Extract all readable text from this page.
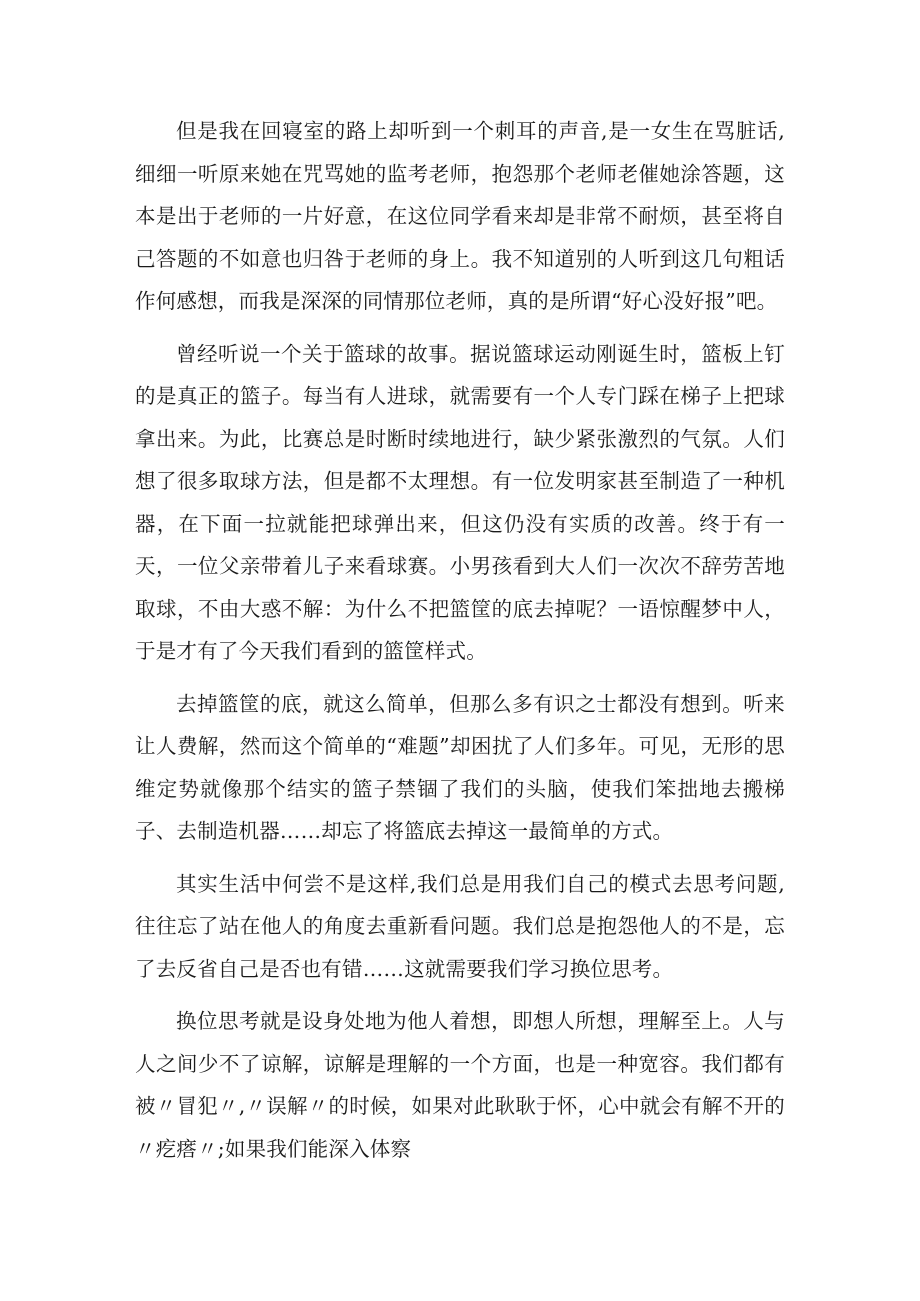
但是我在回寝室的路上却听到一个刺耳的声音,是一女生在骂脏话,细细一听原来她在咒骂她的监考老师，抱怨那个老师老催她涂答题，这本是出于老师的一片好意，在这位同学看来却是非常不耐烦，甚至将自己答题的不如意也归咎于老师的身上。我不知道别的人听到这几句粗话作何感想，而我是深深的同情那位老师，真的是所谓“好心没好报”吧。

曾经听说一个关于篮球的故事。据说篮球运动刚诞生时，篮板上钉的是真正的篮子。每当有人进球，就需要有一个人专门踩在梯子上把球拿出来。为此，比赛总是时断时续地进行，缺少紧张激烈的气氛。人们想了很多取球方法，但是都不太理想。有一位发明家甚至制造了一种机器，在下面一拉就能把球弹出来，但这仍没有实质的改善。终于有一天，一位父亲带着儿子来看球赛。小男孩看到大人们一次次不辞劳苦地取球，不由大惑不解：为什么不把篮筐的底去掉呢？一语惊醒梦中人，于是才有了今天我们看到的篮筐样式。

去掉篮筐的底，就这么简单，但那么多有识之士都没有想到。听来让人费解，然而这个简单的“难题”却困扰了人们多年。可见，无形的思维定势就像那个结实的篮子禁锢了我们的头脑，使我们笨拙地去搬梯子、去制造机器……却忘了将篮底去掉这一最简单的方式。

其实生活中何尝不是这样,我们总是用我们自己的模式去思考问题,往往忘了站在他人的角度去重新看问题。我们总是抱怨他人的不是，忘了去反省自己是否也有错……这就需要我们学习换位思考。

换位思考就是设身处地为他人着想，即想人所想，理解至上。人与人之间少不了谅解，谅解是理解的一个方面，也是一种宽容。我们都有被〃冒犯〃,〃误解〃的时候，如果对此耿耿于怀，心中就会有解不开的〃疙瘩〃;如果我们能深入体察
